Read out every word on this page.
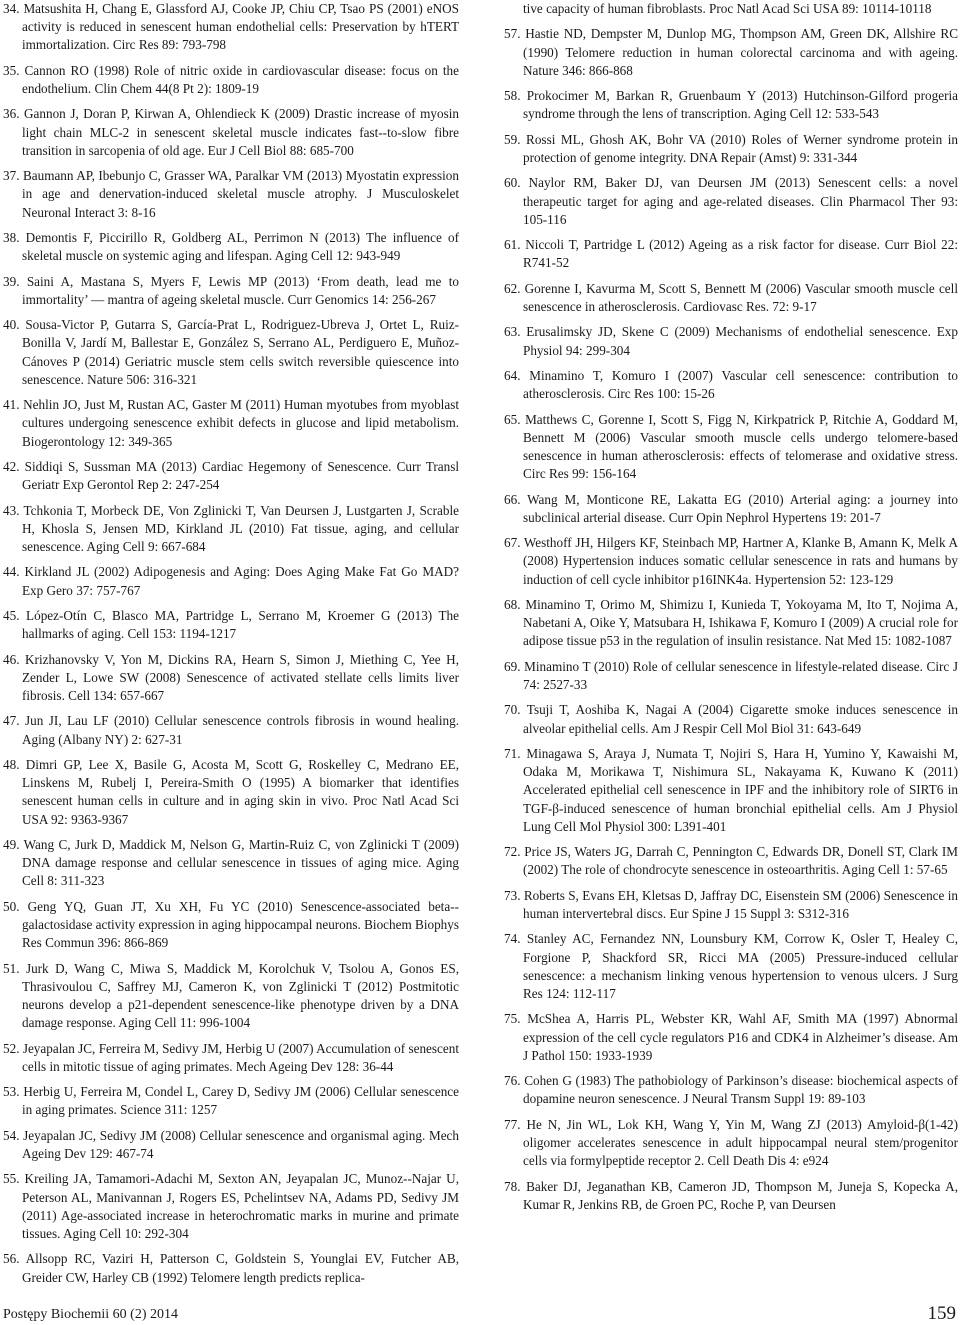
34. Matsushita H, Chang E, Glassford AJ, Cooke JP, Chiu CP, Tsao PS (2001) eNOS activity is reduced in senescent human endothelial cells: Preservation by hTERT immortalization. Circ Res 89: 793-798

35. Cannon RO (1998) Role of nitric oxide in cardiovascular disease: focus on the endothelium. Clin Chem 44(8 Pt 2): 1809-19

36. Gannon J, Doran P, Kirwan A, Ohlendieck K (2009) Drastic increase of myosin light chain MLC-2 in senescent skeletal muscle indicates fast--to-slow fibre transition in sarcopenia of old age. Eur J Cell Biol 88: 685-700

37. Baumann AP, Ibebunjo C, Grasser WA, Paralkar VM (2013) Myostatin expression in age and denervation-induced skeletal muscle atrophy. J Musculoskelet Neuronal Interact 3: 8-16

38. Demontis F, Piccirillo R, Goldberg AL, Perrimon N (2013) The influence of skeletal muscle on systemic aging and lifespan. Aging Cell 12: 943-949

39. Saini A, Mastana S, Myers F, Lewis MP (2013) ‘From death, lead me to immortality’ — mantra of ageing skeletal muscle. Curr Genomics 14: 256-267

40. Sousa-Victor P, Gutarra S, García-Prat L, Rodriguez-Ubreva J, Ortet L, Ruiz-Bonilla V, Jardí M, Ballestar E, González S, Serrano AL, Perdiguero E, Muñoz-Cánoves P (2014) Geriatric muscle stem cells switch reversible quiescence into senescence. Nature 506: 316-321

41. Nehlin JO, Just M, Rustan AC, Gaster M (2011) Human myotubes from myoblast cultures undergoing senescence exhibit defects in glucose and lipid metabolism. Biogerontology 12: 349-365

42. Siddiqi S, Sussman MA (2013) Cardiac Hegemony of Senescence. Curr Transl Geriatr Exp Gerontol Rep 2: 247-254

43. Tchkonia T, Morbeck DE, Von Zglinicki T, Van Deursen J, Lustgarten J, Scrable H, Khosla S, Jensen MD, Kirkland JL (2010) Fat tissue, aging, and cellular senescence. Aging Cell 9: 667-684

44. Kirkland JL (2002) Adipogenesis and Aging: Does Aging Make Fat Go MAD? Exp Gero 37: 757-767

45. López-Otín C, Blasco MA, Partridge L, Serrano M, Kroemer G (2013) The hallmarks of aging. Cell 153: 1194-1217

46. Krizhanovsky V, Yon M, Dickins RA, Hearn S, Simon J, Miething C, Yee H, Zender L, Lowe SW (2008) Senescence of activated stellate cells limits liver fibrosis. Cell 134: 657-667

47. Jun JI, Lau LF (2010) Cellular senescence controls fibrosis in wound healing. Aging (Albany NY) 2: 627-31

48. Dimri GP, Lee X, Basile G, Acosta M, Scott G, Roskelley C, Medrano EE, Linskens M, Rubelj I, Pereira-Smith O (1995) A biomarker that identifies senescent human cells in culture and in aging skin in vivo. Proc Natl Acad Sci USA 92: 9363-9367

49. Wang C, Jurk D, Maddick M, Nelson G, Martin-Ruiz C, von Zglinicki T (2009) DNA damage response and cellular senescence in tissues of aging mice. Aging Cell 8: 311-323

50. Geng YQ, Guan JT, Xu XH, Fu YC (2010) Senescence-associated beta--galactosidase activity expression in aging hippocampal neurons. Biochem Biophys Res Commun 396: 866-869

51. Jurk D, Wang C, Miwa S, Maddick M, Korolchuk V, Tsolou A, Gonos ES, Thrasivoulou C, Saffrey MJ, Cameron K, von Zglinicki T (2012) Postmitotic neurons develop a p21-dependent senescence-like phenotype driven by a DNA damage response. Aging Cell 11: 996-1004

52. Jeyapalan JC, Ferreira M, Sedivy JM, Herbig U (2007) Accumulation of senescent cells in mitotic tissue of aging primates. Mech Ageing Dev 128: 36-44

53. Herbig U, Ferreira M, Condel L, Carey D, Sedivy JM (2006) Cellular senescence in aging primates. Science 311: 1257

54. Jeyapalan JC, Sedivy JM (2008) Cellular senescence and organismal aging. Mech Ageing Dev 129: 467-74

55. Kreiling JA, Tamamori-Adachi M, Sexton AN, Jeyapalan JC, Munoz--Najar U, Peterson AL, Manivannan J, Rogers ES, Pchelintsev NA, Adams PD, Sedivy JM (2011) Age-associated increase in heterochromatic marks in murine and primate tissues. Aging Cell 10: 292-304

56. Allsopp RC, Vaziri H, Patterson C, Goldstein S, Younglai EV, Futcher AB, Greider CW, Harley CB (1992) Telomere length predicts replica-

tive capacity of human fibroblasts. Proc Natl Acad Sci USA 89: 10114-10118

57. Hastie ND, Dempster M, Dunlop MG, Thompson AM, Green DK, Allshire RC (1990) Telomere reduction in human colorectal carcinoma and with ageing. Nature 346: 866-868

58. Prokocimer M, Barkan R, Gruenbaum Y (2013) Hutchinson-Gilford progeria syndrome through the lens of transcription. Aging Cell 12: 533-543

59. Rossi ML, Ghosh AK, Bohr VA (2010) Roles of Werner syndrome protein in protection of genome integrity. DNA Repair (Amst) 9: 331-344

60. Naylor RM, Baker DJ, van Deursen JM (2013) Senescent cells: a novel therapeutic target for aging and age-related diseases. Clin Pharmacol Ther 93: 105-116

61. Niccoli T, Partridge L (2012) Ageing as a risk factor for disease. Curr Biol 22: R741-52

62. Gorenne I, Kavurma M, Scott S, Bennett M (2006) Vascular smooth muscle cell senescence in atherosclerosis. Cardiovasc Res. 72: 9-17

63. Erusalimsky JD, Skene C (2009) Mechanisms of endothelial senescence. Exp Physiol 94: 299-304

64. Minamino T, Komuro I (2007) Vascular cell senescence: contribution to atherosclerosis. Circ Res 100: 15-26

65. Matthews C, Gorenne I, Scott S, Figg N, Kirkpatrick P, Ritchie A, Goddard M, Bennett M (2006) Vascular smooth muscle cells undergo telomere-based senescence in human atherosclerosis: effects of telomerase and oxidative stress. Circ Res 99: 156-164

66. Wang M, Monticone RE, Lakatta EG (2010) Arterial aging: a journey into subclinical arterial disease. Curr Opin Nephrol Hypertens 19: 201-7

67. Westhoff JH, Hilgers KF, Steinbach MP, Hartner A, Klanke B, Amann K, Melk A (2008) Hypertension induces somatic cellular senescence in rats and humans by induction of cell cycle inhibitor p16INK4a. Hypertension 52: 123-129

68. Minamino T, Orimo M, Shimizu I, Kunieda T, Yokoyama M, Ito T, Nojima A, Nabetani A, Oike Y, Matsubara H, Ishikawa F, Komuro I (2009) A crucial role for adipose tissue p53 in the regulation of insulin resistance. Nat Med 15: 1082-1087

69. Minamino T (2010) Role of cellular senescence in lifestyle-related disease. Circ J 74: 2527-33

70. Tsuji T, Aoshiba K, Nagai A (2004) Cigarette smoke induces senescence in alveolar epithelial cells. Am J Respir Cell Mol Biol 31: 643-649

71. Minagawa S, Araya J, Numata T, Nojiri S, Hara H, Yumino Y, Kawaishi M, Odaka M, Morikawa T, Nishimura SL, Nakayama K, Kuwano K (2011) Accelerated epithelial cell senescence in IPF and the inhibitory role of SIRT6 in TGF-β-induced senescence of human bronchial epithelial cells. Am J Physiol Lung Cell Mol Physiol 300: L391-401

72. Price JS, Waters JG, Darrah C, Pennington C, Edwards DR, Donell ST, Clark IM (2002) The role of chondrocyte senescence in osteoarthritis. Aging Cell 1: 57-65

73. Roberts S, Evans EH, Kletsas D, Jaffray DC, Eisenstein SM (2006) Senescence in human intervertebral discs. Eur Spine J 15 Suppl 3: S312-316

74. Stanley AC, Fernandez NN, Lounsbury KM, Corrow K, Osler T, Healey C, Forgione P, Shackford SR, Ricci MA (2005) Pressure-induced cellular senescence: a mechanism linking venous hypertension to venous ulcers. J Surg Res 124: 112-117

75. McShea A, Harris PL, Webster KR, Wahl AF, Smith MA (1997) Abnormal expression of the cell cycle regulators P16 and CDK4 in Alzheimer’s disease. Am J Pathol 150: 1933-1939

76. Cohen G (1983) The pathobiology of Parkinson’s disease: biochemical aspects of dopamine neuron senescence. J Neural Transm Suppl 19: 89-103

77. He N, Jin WL, Lok KH, Wang Y, Yin M, Wang ZJ (2013) Amyloid-β(1-42) oligomer accelerates senescence in adult hippocampal neural stem/progenitor cells via formylpeptide receptor 2. Cell Death Dis 4: e924

78. Baker DJ, Jeganathan KB, Cameron JD, Thompson M, Juneja S, Kopecka A, Kumar R, Jenkins RB, de Groen PC, Roche P, van Deursen

Postępy Biochemii 60 (2) 2014	159
